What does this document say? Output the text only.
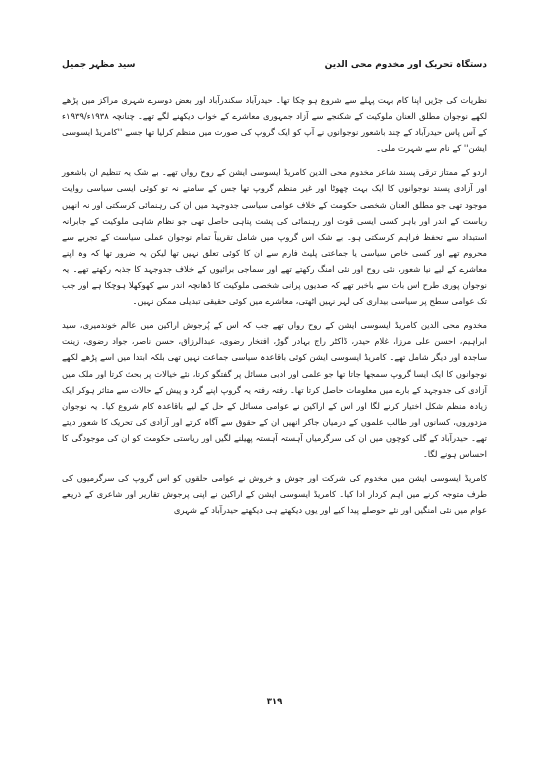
دستگاہ تحریک اور مخدوم محی الدین
سید مظہر جمیل

نظریات کی جڑیں اپنا کام بہت پہلے سے شروع ہو چکا تھا۔ حیدرآباد سکندرآباد اور بعض دوسرے شہری مراکز میں پڑھے لکھے نوجوان مطلق العنان ملوکیت کے شکنجے سے آزاد جمہوری معاشرے کے خواب دیکھنے لگے تھے۔ چنانچہ ۱۹۳۸ء/۱۹۳۹ء کے آس پاس حیدرآباد کے چند باشعور نوجوانوں نے آپ کو ایک گروپ کی صورت میں منظم کرلیا تھا جسے ''کامریڈ ایسوسی ایشن'' کے نام سے شہرت ملی۔

اردو کے ممتاز ترقی پسند شاعر مخدوم محی الدین کامریڈ ایسوسی ایشن کے روح رواں تھے۔ بے شک یہ تنظیم ان باشعور اور آزادی پسند نوجوانوں کا ایک بہت چھوٹا اور غیر منظم گروپ تھا جس کے سامنے نہ تو کوئی ایسی سیاسی روایت موجود تھی جو مطلق العنان شخصی حکومت کے خلاف عوامی سیاسی جدوجہد میں ان کی رہنمائی کرسکتی اور نہ انھیں ریاست کے اندر اور باہر کسی ایسی قوت اور رہنمائی کی پشت پناہی حاصل تھی جو نظام شاہی ملوکیت کے جابرانہ استبداد سے تحفظ فراہم کرسکتی ہو۔ بے شک اس گروپ میں شامل تقریباً تمام نوجوان عملی سیاست کے تجربے سے محروم تھے اور کسی خاص سیاسی یا جماعتی پلیٹ فارم سے ان کا کوئی تعلق نہیں تھا لیکن یہ ضرور تھا کہ وہ اپنے معاشرے کے لیے نیا شعور، نئی روح اور نئی امنگ رکھتے تھے اور سماجی برائیوں کے خلاف جدوجہد کا جذبہ رکھتے تھے۔ یہ نوجوان پوری طرح اس بات سے باخبر تھے کہ صدیوں پرانی شخصی ملوکیت کا ڈھانچہ اندر سے کھوکھلا ہوچکا ہے اور جب تک عوامی سطح پر سیاسی بیداری کی لہر نہیں اٹھتی، معاشرے میں کوئی حقیقی تبدیلی ممکن نہیں۔

مخدوم محی الدین کامریڈ ایسوسی ایشن کے روح رواں تھے جب کہ اس کے پُرجوش اراکین میں عالم خوندمیری، سید ابراہیم، احسن علی مرزا، غلام حیدر، ڈاکٹر راج بہادر گوڑ، افتخار رضوی، عبدالرزاق، حسن ناصر، جواد رضوی، زینت ساجدہ اور دیگر شامل تھے۔ کامریڈ ایسوسی ایشن کوئی باقاعدہ سیاسی جماعت نہیں تھی بلکہ ابتدا میں اسے پڑھے لکھے نوجوانوں کا ایک ایسا گروپ سمجھا جاتا تھا جو علمی اور ادبی مسائل پر گفتگو کرتا، نئے خیالات پر بحث کرتا اور ملک میں آزادی کی جدوجہد کے بارے میں معلومات حاصل کرتا تھا۔ رفتہ رفتہ یہ گروپ اپنے گرد و پیش کے حالات سے متاثر ہوکر ایک زیادہ منظم شکل اختیار کرنے لگا اور اس کے اراکین نے عوامی مسائل کے حل کے لیے باقاعدہ کام شروع کیا۔ یہ نوجوان مزدوروں، کسانوں اور طالب علموں کے درمیان جاکر انھیں ان کے حقوق سے آگاہ کرتے اور آزادی کی تحریک کا شعور دیتے تھے۔ حیدرآباد کے گلی کوچوں میں ان کی سرگرمیاں آہستہ آہستہ پھیلنے لگیں اور ریاستی حکومت کو ان کی موجودگی کا احساس ہونے لگا۔

کامریڈ ایسوسی ایشن میں مخدوم کی شرکت اور جوش و خروش نے عوامی حلقوں کو اس گروپ کی سرگرمیوں کی طرف متوجہ کرنے میں اہم کردار ادا کیا۔ کامریڈ ایسوسی ایشن کے اراکین نے اپنی پرجوش تقاریر اور شاعری کے ذریعے عوام میں نئی امنگیں اور نئے حوصلے پیدا کیے اور یوں دیکھتے ہی دیکھتے حیدرآباد کے شہری

۳۱۹
